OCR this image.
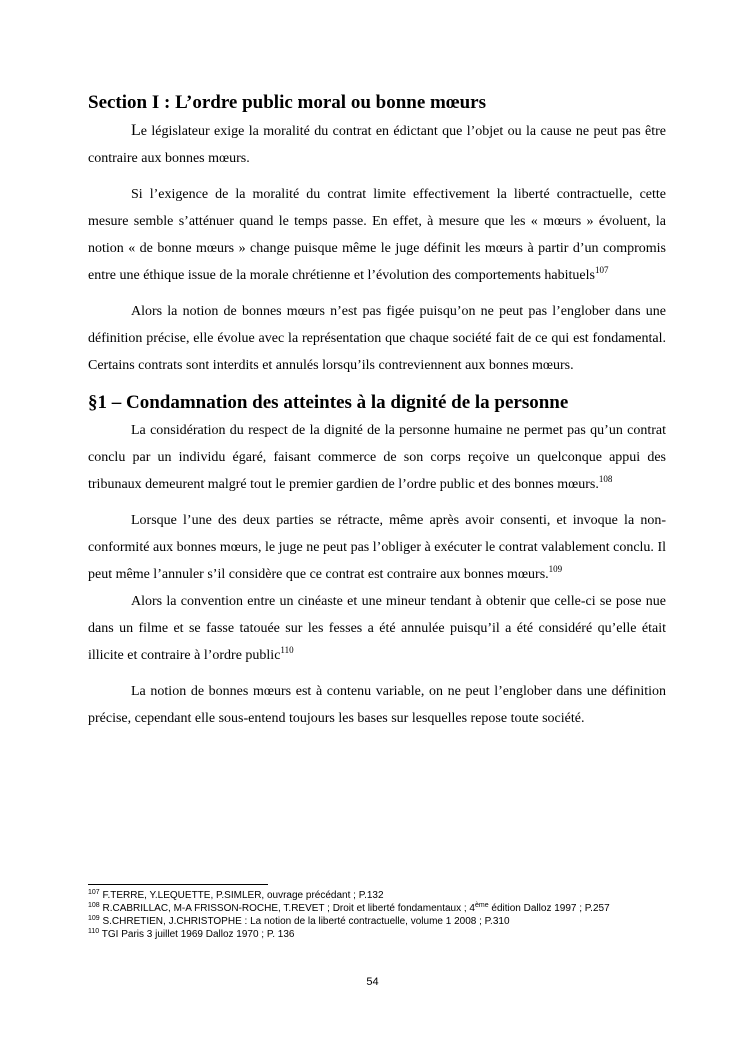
Section I : L’ordre public moral ou bonne mœurs

Le législateur exige la moralité du contrat en édictant que l’objet ou la cause ne peut pas être contraire aux bonnes mœurs.

Si l’exigence de la moralité du contrat limite effectivement la liberté contractuelle, cette mesure semble s’atténuer quand le temps passe. En effet, à mesure que les « mœurs » évoluent, la notion « de bonne mœurs » change puisque même le juge définit les mœurs à partir d’un compromis entre une éthique issue de la morale chrétienne et l’évolution des comportements habituels$^{107}$

Alors la notion de bonnes mœurs n’est pas figée puisqu’on ne peut pas l’englober dans une définition précise, elle évolue avec la représentation que chaque société fait de ce qui est fondamental. Certains contrats sont interdits et annulés lorsqu’ils contreviennent aux bonnes mœurs.

§1 – Condamnation des atteintes à la dignité de la personne

La considération du respect de la dignité de la personne humaine ne permet pas qu’un contrat conclu par un individu égaré, faisant commerce de son corps reçoive un quelconque appui des tribunaux demeurent malgré tout le premier gardien de l’ordre public et des bonnes mœurs.$^{108}$

Lorsque l’une des deux parties se rétracte, même après avoir consenti, et invoque la non-conformité aux bonnes mœurs, le juge ne peut pas l’obliger à exécuter le contrat valablement conclu. Il peut même l’annuler s’il considère que ce contrat est contraire aux bonnes mœurs.$^{109}$

Alors la convention entre un cinéaste et une mineur tendant à obtenir que celle-ci se pose nue dans un filme et se fasse tatouée sur les fesses a été annulée puisqu’il a été considéré qu’elle était illicite et contraire à l’ordre public$^{110}$

La notion de bonnes mœurs est à contenu variable, on ne peut l’englober dans une définition précise, cependant elle sous-entend toujours les bases sur lesquelles repose toute société.

$^{107}$ F.TERRE, Y.LEQUETTE, P.SIMLER, ouvrage précédant ; P.132
$^{108}$ R.CABRILLAC, M-A FRISSON-ROCHE, T.REVET ; Droit et liberté fondamentaux ; 4ème édition Dalloz 1997 ; P.257
$^{109}$ S.CHRETIEN, J.CHRISTOPHE : La notion de la liberté contractuelle, volume 1 2008 ; P.310
$^{110}$ TGI Paris 3 juillet 1969 Dalloz 1970 ; P. 136
54
